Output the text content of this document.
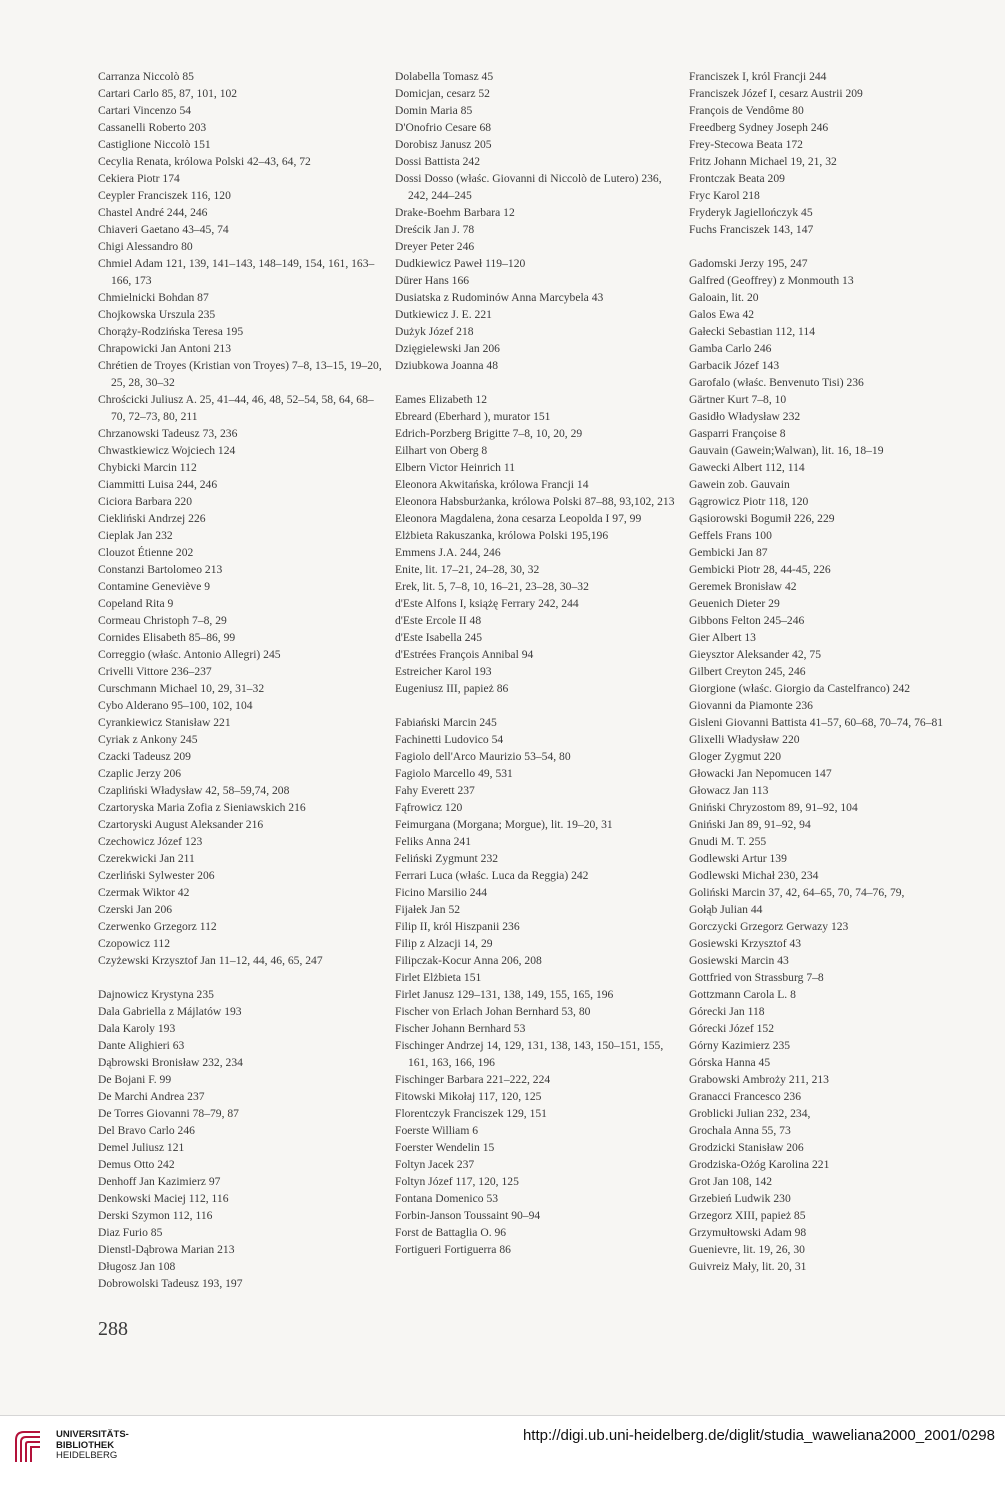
Carranza Niccolò 85
Cartari Carlo 85, 87, 101, 102
Cartari Vincenzo 54
Cassanelli Roberto 203
Castiglione Niccolò 151
Cecylia Renata, królowa Polski 42–43, 64, 72
Cekiera Piotr 174
Ceypler Franciszek 116, 120
Chastel André 244, 246
Chiaveri Gaetano 43–45, 74
Chigi Alessandro 80
Chmiel Adam 121, 139, 141–143, 148–149, 154, 161, 163–166, 173
Chmielnicki Bohdan 87
Chojkowska Urszula 235
Chorąży-Rodzińska Teresa 195
Chrapowicki Jan Antoni 213
Chrétien de Troyes (Kristian von Troyes) 7–8, 13–15, 19–20, 25, 28, 30–32
Chrościcki Juliusz A. 25, 41–44, 46, 48, 52–54, 58, 64, 68–70, 72–73, 80, 211
Chrzanowski Tadeusz 73, 236
Chwastkiewicz Wojciech 124
Chybicki Marcin 112
Ciammitti Luisa 244, 246
Ciciora Barbara 220
Ciekliński Andrzej 226
Cieplak Jan 232
Clouzot Étienne 202
Constanzi Bartolomeo 213
Contamine Geneviève 9
Copeland Rita 9
Cormeau Christoph 7–8, 29
Cornides Elisabeth 85–86, 99
Correggio (właśc. Antonio Allegri) 245
Crivelli Vittore 236–237
Curschmann Michael 10, 29, 31–32
Cybo Alderano 95–100, 102, 104
Cyrankiewicz Stanisław 221
Cyriak z Ankony 245
Czacki Tadeusz 209
Czaplic Jerzy 206
Czapliński Władysław 42, 58–59,74, 208
Czartoryska Maria Zofia z Sieniawskich 216
Czartoryski August Aleksander 216
Czechowicz Józef 123
Czerekwicki Jan 211
Czerliński Sylwester 206
Czermak Wiktor 42
Czerski Jan 206
Czerwenko Grzegorz 112
Czopowicz 112
Czyżewski Krzysztof Jan 11–12, 44, 46, 65, 247
Dajnowicz Krystyna 235
Dala Gabriella z Májlatów 193
Dala Karoly 193
Dante Alighieri 63
Dąbrowski Bronisław 232, 234
De Bojani F. 99
De Marchi Andrea 237
De Torres Giovanni 78–79, 87
Del Bravo Carlo 246
Demel Juliusz 121
Demus Otto 242
Denhoff Jan Kazimierz 97
Denkowski Maciej 112, 116
Derski Szymon 112, 116
Diaz Furio 85
Dienstl-Dąbrowa Marian 213
Długosz Jan 108
Dobrowolski Tadeusz 193, 197
Dolabella Tomasz 45
Domicjan, cesarz 52
Domin Maria 85
D'Onofrio Cesare 68
Dorobisz Janusz 205
Dossi Battista 242
Dossi Dosso (właśc. Giovanni di Niccolò de Lutero) 236, 242, 244–245
Drake-Boehm Barbara 12
Dreścik Jan J. 78
Dreyer Peter 246
Dudkiewicz Paweł 119–120
Dürer Hans 166
Dusiatska z Rudominów Anna Marcybela 43
Dutkiewicz J. E. 221
Dużyk Józef 218
Dzięgielewski Jan 206
Dziubkowa Joanna 48
Eames Elizabeth 12
Ebreard (Eberhard ), murator 151
Edrich-Porzberg Brigitte 7–8, 10, 20, 29
Eilhart von Oberg 8
Elbern Victor Heinrich 11
Eleonora Akwitańska, królowa Francji 14
Eleonora Habsburżanka, królowa Polski 87–88, 93,102, 213
Eleonora Magdalena, żona cesarza Leopolda I 97, 99
Elżbieta Rakuszanka, królowa Polski 195,196
Emmens J.A. 244, 246
Enite, lit. 17–21, 24–28, 30, 32
Erek, lit. 5, 7–8, 10, 16–21, 23–28, 30–32
d'Este Alfons I, książę Ferrary 242, 244
d'Este Ercole II 48
d'Este Isabella 245
d'Estrées François Annibal 94
Estreicher Karol 193
Eugeniusz III, papież 86
Fabiański Marcin 245
Fachinetti Ludovico 54
Fagiolo dell'Arco Maurizio 53–54, 80
Fagiolo Marcello 49, 531
Fahy Everett 237
Fąfrowicz 120
Feimurgana (Morgana; Morgue), lit. 19–20, 31
Feliks Anna 241
Feliński Zygmunt 232
Ferrari Luca (właśc. Luca da Reggia) 242
Ficino Marsilio 244
Fijałek Jan 52
Filip II, król Hiszpanii 236
Filip z Alzacji 14, 29
Filipczak-Kocur Anna 206, 208
Firlet Elżbieta 151
Firlet Janusz 129–131, 138, 149, 155, 165, 196
Fischer von Erlach Johan Bernhard 53, 80
Fischer Johann Bernhard 53
Fischinger Andrzej 14, 129, 131, 138, 143, 150–151, 155, 161, 163, 166, 196
Fischinger Barbara 221–222, 224
Fitowski Mikołaj 117, 120, 125
Florentczyk Franciszek 129, 151
Foerste William 6
Foerster Wendelin 15
Foltyn Jacek 237
Foltyn Józef 117, 120, 125
Fontana Domenico 53
Forbin-Janson Toussaint 90–94
Forst de Battaglia O. 96
Fortigueri Fortiguerra 86
Franciszek I, król Francji 244
Franciszek Józef I, cesarz Austrii 209
François de Vendôme 80
Freedberg Sydney Joseph 246
Frey-Stecowa Beata 172
Fritz Johann Michael 19, 21, 32
Frontczak Beata 209
Fryc Karol 218
Fryderyk Jagiellończyk 45
Fuchs Franciszek 143, 147
Gadomski Jerzy 195, 247
Galfred (Geoffrey) z Monmouth 13
Galoain, lit. 20
Galos Ewa 42
Gałecki Sebastian 112, 114
Gamba Carlo 246
Garbacik Józef 143
Garofalo (właśc. Benvenuto Tisi) 236
Gärtner Kurt 7–8, 10
Gasidło Władysław 232
Gasparri Françoise 8
Gauvain (Gawein;Walwan), lit. 16, 18–19
Gawecki Albert 112, 114
Gawein zob. Gauvain
Gągrowicz Piotr 118, 120
Gąsiorowski Bogumił 226, 229
Geffels Frans 100
Gembicki Jan 87
Gembicki Piotr 28, 44-45, 226
Geremek Bronisław 42
Geuenich Dieter 29
Gibbons Felton 245–246
Gier Albert 13
Gieysztor Aleksander 42, 75
Gilbert Creyton 245, 246
Giorgione (właśc. Giorgio da Castelfranco) 242
Giovanni da Piamonte 236
Gisleni Giovanni Battista 41–57, 60–68, 70–74, 76–81
Glixelli Władysław 220
Gloger Zygmut 220
Głowacki Jan Nepomucen 147
Głowacz Jan 113
Gniński Chryzostom 89, 91–92, 104
Gniński Jan 89, 91–92, 94
Gnudi M. T. 255
Godlewski Artur 139
Godlewski Michał 230, 234
Goliński Marcin 37, 42, 64–65, 70, 74–76, 79,
Gołąb Julian 44
Gorczycki Grzegorz Gerwazy 123
Gosiewski Krzysztof 43
Gosiewski Marcin 43
Gottfried von Strassburg 7–8
Gottzmann Carola L. 8
Górecki Jan 118
Górecki Józef 152
Górny Kazimierz 235
Górska Hanna 45
Grabowski Ambroży 211, 213
Granacci Francesco 236
Groblicki Julian 232, 234,
Grochala Anna 55, 73
Grodzicki Stanisław 206
Grodziska-Ożóg Karolina 221
Grot Jan 108, 142
Grzebień Ludwik 230
Grzegorz XIII, papież 85
Grzymułtowski Adam 98
Guenievre, lit. 19, 26, 30
Guivreiz Mały, lit. 20, 31
288
UNIVERSITÄTS-
BIBLIOTHEK
HEIDELBERG
http://digi.ub.uni-heidelberg.de/diglit/studia_waweliana2000_2001/0298
